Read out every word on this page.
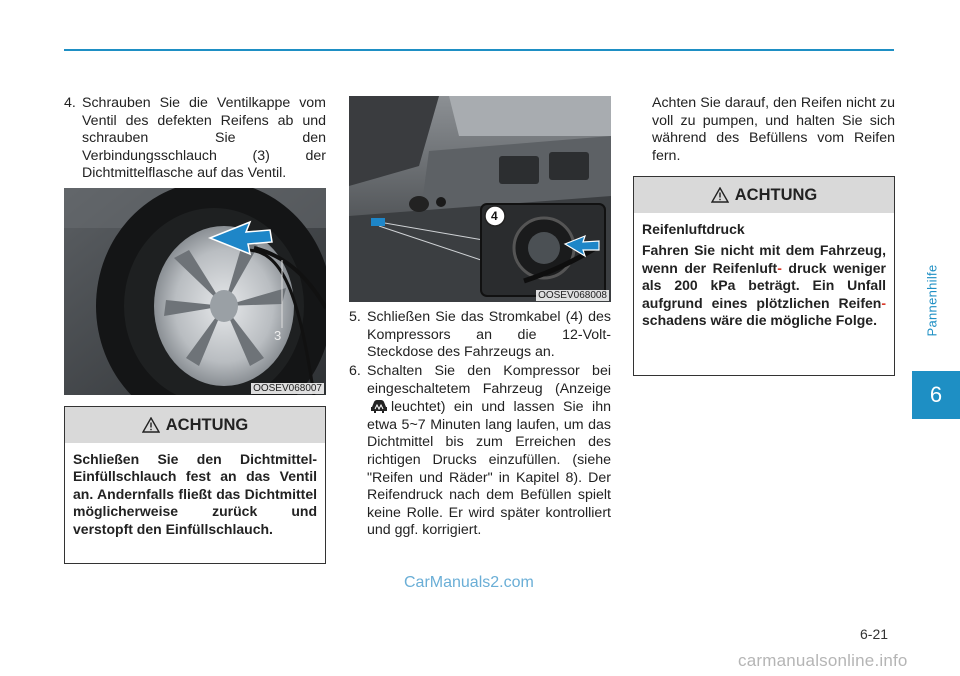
Pannenhilfe
6
4. Schrauben Sie die Ventilkappe vom Ventil des defekten Reifens ab und schrauben Sie den Verbindungsschlauch (3) der Dichtmittelflasche auf das Ventil.
3
OOSEV068007
ACHTUNG
Schließen Sie den Dichtmittel-Einfüllschlauch fest an das Ventil an. Andernfalls fließt das Dichtmittel möglicherweise zurück und verstopft den Einfüllschlauch.
4
OOSEV068008
5. Schließen Sie das Stromkabel (4) des Kompressors an die 12-Volt-Steckdose des Fahrzeugs an.
6. Schalten Sie den Kompressor bei eingeschaltetem Fahrzeug (Anzeigeleuchtet) ein und lassen Sie ihn etwa 5~7 Minuten lang laufen, um das Dichtmittel bis zum Erreichen des richtigen Drucks einzufüllen. (siehe "Reifen und Räder" in Kapitel 8). Der Reifendruck nach dem Befüllen spielt keine Rolle. Er wird später kontrolliert und ggf. korrigiert.
Achten Sie darauf, den Reifen nicht zu voll zu pumpen, und halten Sie sich während des Befüllens vom Reifen fern.
ACHTUNG
Reifenluftdruck
Fahren Sie nicht mit dem Fahrzeug, wenn der Reifenluft- druck weniger als 200 kPa beträgt. Ein Unfall aufgrund eines plötzlichen Reifen- schadens wäre die mögliche Folge.
CarManuals2.com
6-21
carmanualsonline.info
